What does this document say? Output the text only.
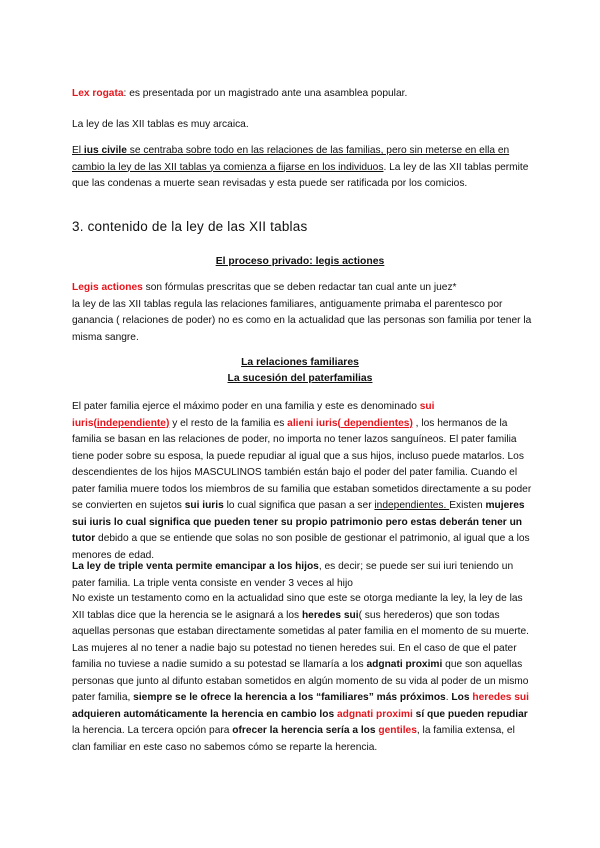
Lex rogata: es presentada por un magistrado ante una asamblea popular.

La ley de las XII tablas es muy arcaica.

El ius civile se centraba sobre todo en las relaciones de las familias, pero sin meterse en ella en cambio la ley de las XII tablas ya comienza a fijarse en los individuos. La ley de las XII tablas permite que las condenas a muerte sean revisadas y esta puede ser ratificada por los comicios.

3. contenido de la ley de las XII tablas

El proceso privado: legis actiones

Legis actiones son fórmulas prescritas que se deben redactar tan cual ante un juez*
la ley de las XII tablas regula las relaciones familiares, antiguamente primaba el parentesco por ganancia ( relaciones de poder) no es como en la actualidad que las personas son familia por tener la misma sangre.

La relaciones familiares

La sucesión del paterfamilias

El pater familia ejerce el máximo poder en una familia y este es denominado sui iuris(independiente) y el resto de la familia es alieni iuris( dependientes) , los hermanos de la familia se basan en las relaciones de poder, no importa no tener lazos sanguíneos. El pater familia tiene poder sobre su esposa, la puede repudiar al igual que a sus hijos, incluso puede matarlos. Los descendientes de los hijos MASCULINOS también están bajo el poder del pater familia. Cuando el pater familia muere todos los miembros de su familia que estaban sometidos directamente a su poder se convierten en sujetos sui iuris lo cual significa que pasan a ser independientes. Existen mujeres sui iuris lo cual significa que pueden tener su propio patrimonio pero estas deberán tener un tutor debido a que se entiende que solas no son posible de gestionar el patrimonio, al igual que a los menores de edad.

La ley de triple venta permite emancipar a los hijos, es decir; se puede ser sui iuri teniendo un pater familia. La triple venta consiste en vender 3 veces al hijo

No existe un testamento como en la actualidad sino que este se otorga mediante la ley, la ley de las XII tablas dice que la herencia se le asignará a los heredes sui( sus herederos) que son todas aquellas personas que estaban directamente sometidas al pater familia en el momento de su muerte. Las mujeres al no tener a nadie bajo su potestad no tienen heredes sui. En el caso de que el pater familia no tuviese a nadie sumido a su potestad se llamaría a los adgnati proximi que son aquellas personas que junto al difunto estaban sometidos en algún momento de su vida al poder de un mismo pater familia, siempre se le ofrece la herencia a los “familiares” más próximos. Los heredes sui adquieren automáticamente la herencia en cambio los adgnati proximi sí que pueden repudiar la herencia. La tercera opción para ofrecer la herencia sería a los gentiles, la familia extensa, el clan familiar en este caso no sabemos cómo se reparte la herencia.
